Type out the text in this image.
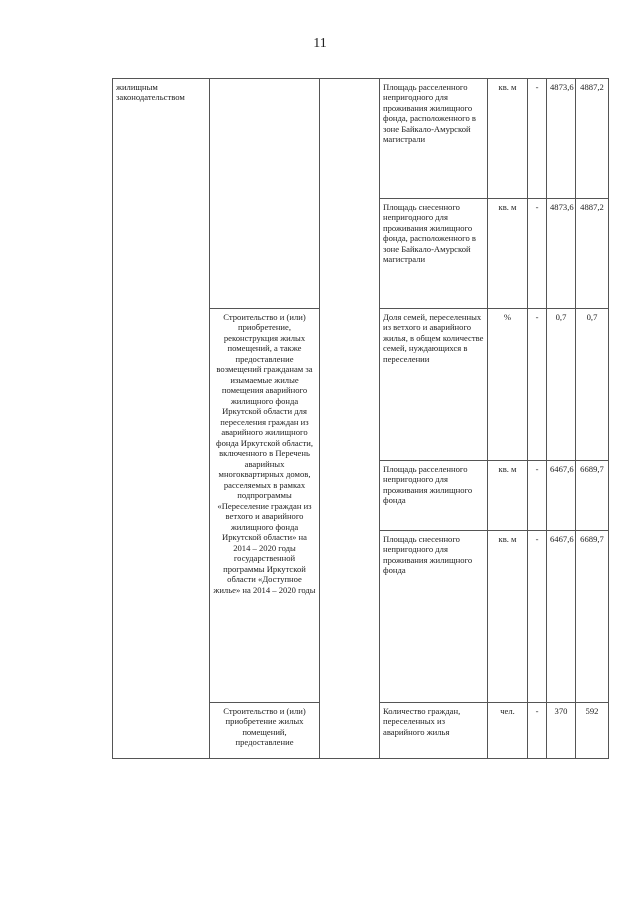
11
жилищным законодательством			Площадь расселенного непригодного для проживания жилищного фонда, расположенного в зоне Байкало-Амурской магистрали	кв. м	-	4873,6	4887,2
			Площадь снесенного непригодного для проживания жилищного фонда, расположенного в зоне Байкало-Амурской магистрали	кв. м	-	4873,6	4887,2
	Строительство и (или) приобретение, реконструкция жилых помещений, а также предоставление возмещений гражданам за изымаемые жилые помещения аварийного жилищного фонда Иркутской области для переселения граждан из аварийного жилищного фонда Иркутской области, включенного в Перечень аварийных многоквартирных домов, расселяемых в рамках подпрограммы «Переселение граждан из ветхого и аварийного жилищного фонда Иркутской области» на 2014 – 2020 годы государственной программы Иркутской области «Доступное жилье» на 2014 – 2020 годы		Доля семей, переселенных из ветхого и аварийного жилья, в общем количестве семей, нуждающихся в переселении	%	-	0,7	0,7
			Площадь расселенного непригодного для проживания жилищного фонда	кв. м	-	6467,6	6689,7
			Площадь снесенного непригодного для проживания жилищного фонда	кв. м	-	6467,6	6689,7
	Строительство и (или) приобретение жилых помещений, предоставление		Количество граждан, переселенных из аварийного жилья	чел.	-	370	592
